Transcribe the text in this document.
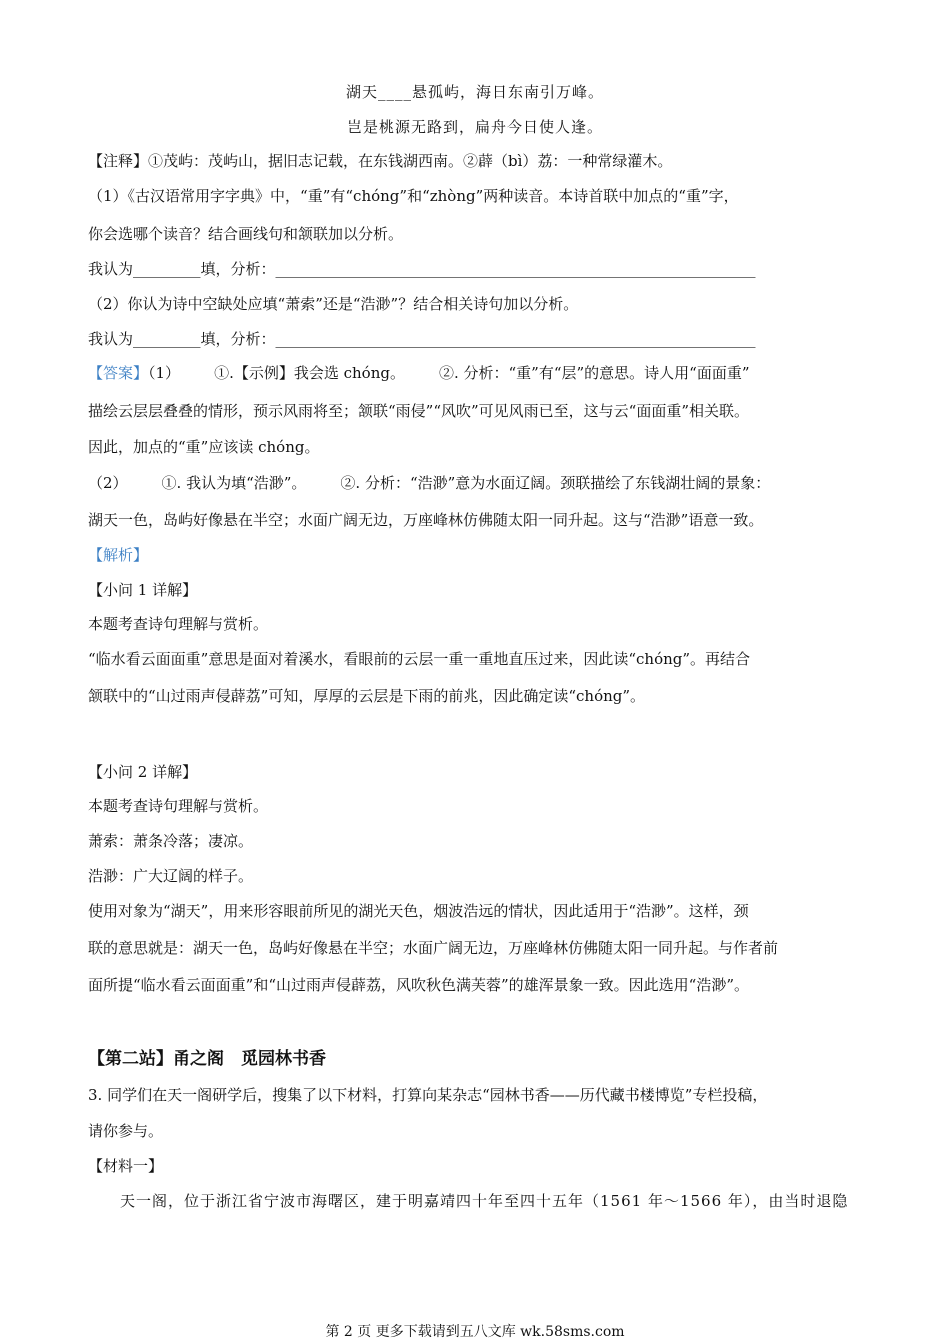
湖天____悬孤屿，海日东南引万峰。
岂是桃源无路到，扁舟今日使人逢。
【注释】①茂屿：茂屿山，据旧志记载，在东钱湖西南。②薜（bì）荔：一种常绿灌木。
（1）《古汉语常用字字典》中，“重”有“chóng”和“zhòng”两种读音。本诗首联中加点的“重”字，
你会选哪个读音？结合画线句和颔联加以分析。
我认为_________填，分析：________________________________________________________________
（2）你认为诗中空缺处应填“萧索”还是“浩渺”？结合相关诗句加以分析。
我认为_________填，分析：________________________________________________________________
【答案】（1） ①.【示例】我会选 chóng。 ②. 分析：“重”有“层”的意思。诗人用“面面重”
描绘云层层叠叠的情形，预示风雨将至；颔联“雨侵”“风吹”可见风雨已至，这与云“面面重”相关联。
因此，加点的“重”应该读 chóng。
（2） ①. 我认为填“浩渺”。 ②. 分析：“浩渺”意为水面辽阔。颈联描绘了东钱湖壮阔的景象：
湖天一色，岛屿好像悬在半空；水面广阔无边，万座峰林仿佛随太阳一同升起。这与“浩渺”语意一致。
【解析】
【小问 1 详解】
本题考查诗句理解与赏析。
“临水看云面面重”意思是面对着溪水，看眼前的云层一重一重地直压过来，因此读“chóng”。再结合
颔联中的“山过雨声侵薜荔”可知，厚厚的云层是下雨的前兆，因此确定读“chóng”。
【小问 2 详解】
本题考查诗句理解与赏析。
萧索：萧条冷落；凄凉。
浩渺：广大辽阔的样子。
使用对象为“湖天”，用来形容眼前所见的湖光天色，烟波浩远的情状，因此适用于“浩渺”。这样，颈
联的意思就是：湖天一色，岛屿好像悬在半空；水面广阔无边，万座峰林仿佛随太阳一同升起。与作者前
面所提“临水看云面面重”和“山过雨声侵薜荔，风吹秋色满芙蓉”的雄浑景象一致。因此选用“浩渺”。
【第二站】甬之阁　觅园林书香
3. 同学们在天一阁研学后，搜集了以下材料，打算向某杂志“园林书香——历代藏书楼博览”专栏投稿，
请你参与。
【材料一】
天一阁，位于浙江省宁波市海曙区，建于明嘉靖四十年至四十五年（1561 年～1566 年），由当时退隐
第 2 页 更多下载请到五八文库 wk.58sms.com
